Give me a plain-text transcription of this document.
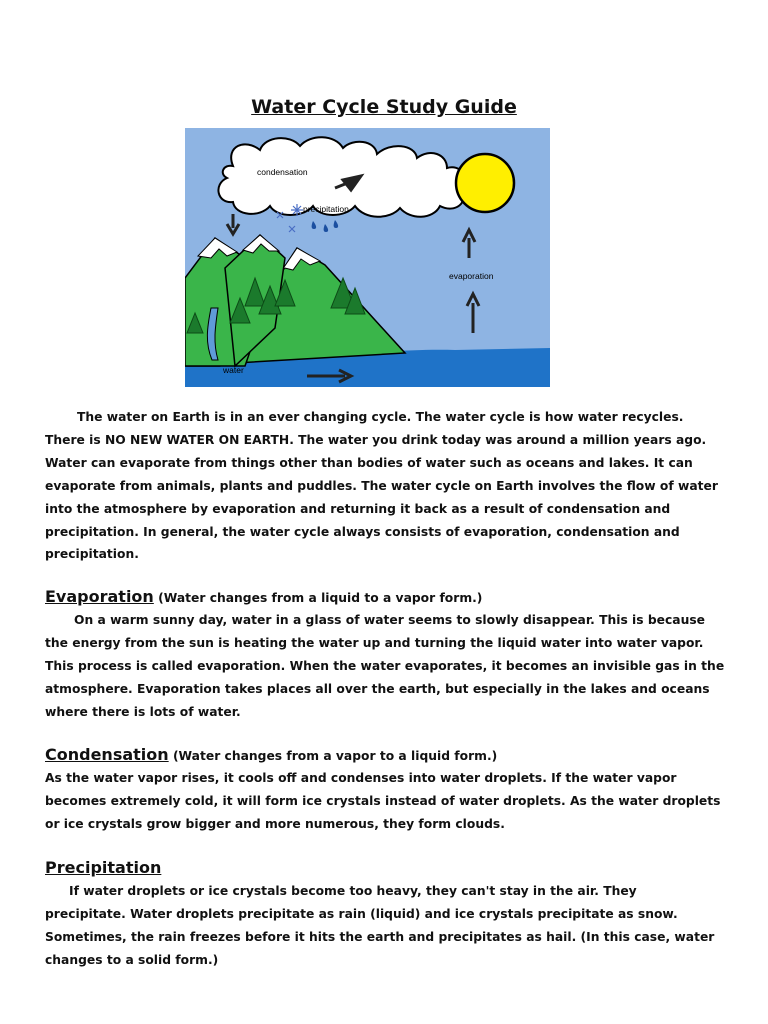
Water Cycle Study Guide
condensation
precipitation
evaporation
water

The water on Earth is in an ever changing cycle. The water cycle is how water recycles.

There is NO NEW WATER ON EARTH. The water you drink today was around a million years ago.

Water can evaporate from things other than bodies of water such as oceans and lakes. It can

evaporate from animals, plants and puddles. The water cycle on Earth involves the flow of water

into the atmosphere by evaporation and returning it back as a result of condensation and

precipitation. In general, the water cycle always consists of evaporation, condensation and

precipitation.

Evaporation (Water changes from a liquid to a vapor form.)

On a warm sunny day, water in a glass of water seems to slowly disappear. This is because

the energy from the sun is heating the water up and turning the liquid water into water vapor.

This process is called evaporation. When the water evaporates, it becomes an invisible gas in the

atmosphere. Evaporation takes places all over the earth, but especially in the lakes and oceans

where there is lots of water.

Condensation (Water changes from a vapor to a liquid form.)

As the water vapor rises, it cools off and condenses into water droplets. If the water vapor

becomes extremely cold, it will form ice crystals instead of water droplets. As the water droplets

or ice crystals grow bigger and more numerous, they form clouds.

Precipitation

If water droplets or ice crystals become too heavy, they can't stay in the air. They

precipitate. Water droplets precipitate as rain (liquid) and ice crystals precipitate as snow.

Sometimes, the rain freezes before it hits the earth and precipitates as hail. (In this case, water

changes to a solid form.)
